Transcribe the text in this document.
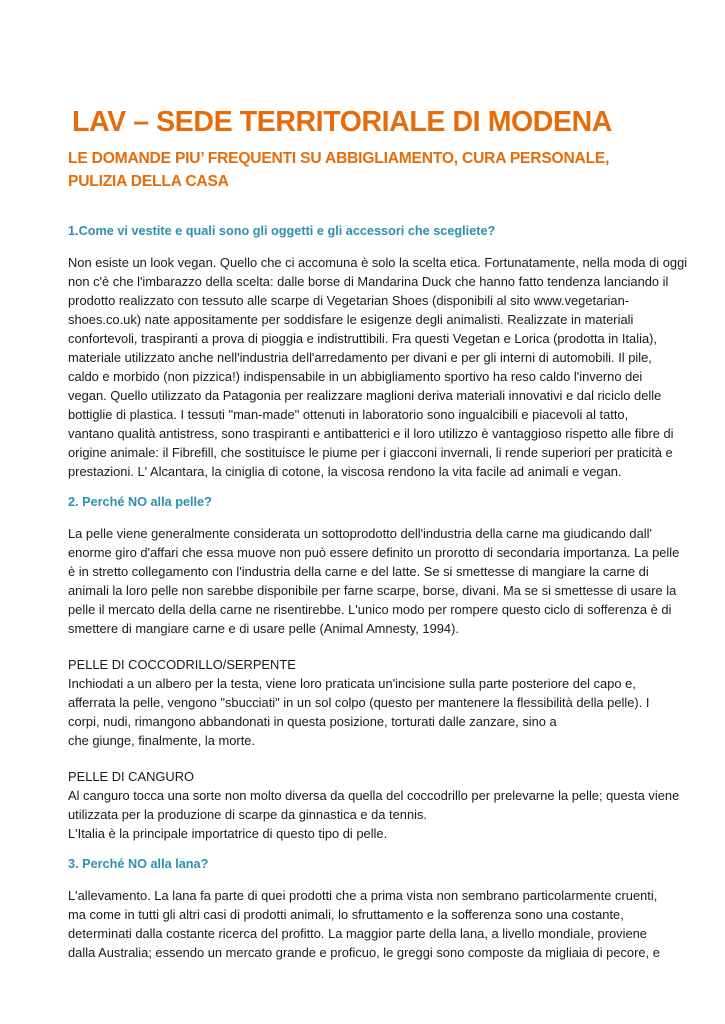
LAV – SEDE TERRITORIALE DI MODENA
LE DOMANDE PIU’ FREQUENTI SU ABBIGLIAMENTO, CURA PERSONALE,
PULIZIA DELLA CASA
1.Come vi vestite e quali sono gli oggetti e gli accessori che scegliete?

Non esiste un look vegan. Quello che ci accomuna è solo la scelta etica. Fortunatamente, nella moda di oggi
non c'è che l'imbarazzo della scelta: dalle borse di Mandarina Duck che hanno fatto tendenza lanciando il
prodotto realizzato con tessuto alle scarpe di Vegetarian Shoes (disponibili al sito www.vegetarian-
shoes.co.uk) nate appositamente per soddisfare le esigenze degli animalisti. Realizzate in materiali
confortevoli, traspiranti a prova di pioggia e indistruttibili. Fra questi Vegetan e Lorica (prodotta in Italia),
materiale utilizzato anche nell'industria dell'arredamento per divani e per gli interni di automobili. Il pile,
caldo e morbido (non pizzica!) indispensabile in un abbigliamento sportivo ha reso caldo l'inverno dei
vegan. Quello utilizzato da Patagonia per realizzare maglioni deriva materiali innovativi e dal riciclo delle
bottiglie di plastica. I tessuti "man-made" ottenuti in laboratorio sono ingualcibili e piacevoli al tatto,
vantano qualità antistress, sono traspiranti e antibatterici e il loro utilizzo è vantaggioso rispetto alle fibre di
origine animale: il Fibrefill, che sostituisce le piume per i giacconi invernali, li rende superiori per praticità e
prestazioni. L' Alcantara, la ciniglia di cotone, la viscosa rendono la vita facile ad animali e vegan.

2. Perché NO alla pelle?

La pelle viene generalmente considerata un sottoprodotto dell'industria della carne ma giudicando dall'
enorme giro d'affari che essa muove non può essere definito un prorotto di secondaria importanza. La pelle
è in stretto collegamento con l'industria della carne e del latte. Se si smettesse di mangiare la carne di
animali la loro pelle non sarebbe disponibile per farne scarpe, borse, divani. Ma se si smettesse di usare la
pelle il mercato della della carne ne risentirebbe. L'unico modo per rompere questo ciclo di sofferenza è di
smettere di mangiare carne e di usare pelle (Animal Amnesty, 1994).

PELLE DI COCCODRILLO/SERPENTE

Inchiodati a un albero per la testa, viene loro praticata un'incisione sulla parte posteriore del capo e,
afferrata la pelle, vengono "sbucciati" in un sol colpo (questo per mantenere la flessibilità della pelle). I
corpi, nudi, rimangono abbandonati in questa posizione, torturati dalle zanzare, sino a
che giunge, finalmente, la morte.

PELLE DI CANGURO

Al canguro tocca una sorte non molto diversa da quella del coccodrillo per prelevarne la pelle; questa viene
utilizzata per la produzione di scarpe da ginnastica e da tennis.
L'Italia è la principale importatrice di questo tipo di pelle.

3. Perché NO alla lana?

L'allevamento. La lana fa parte di quei prodotti che a prima vista non sembrano particolarmente cruenti,
ma come in tutti gli altri casi di prodotti animali, lo sfruttamento e la sofferenza sono una costante,
determinati dalla costante ricerca del profitto. La maggior parte della lana, a livello mondiale, proviene
dalla Australia; essendo un mercato grande e proficuo, le greggi sono composte da migliaia di pecore, e
